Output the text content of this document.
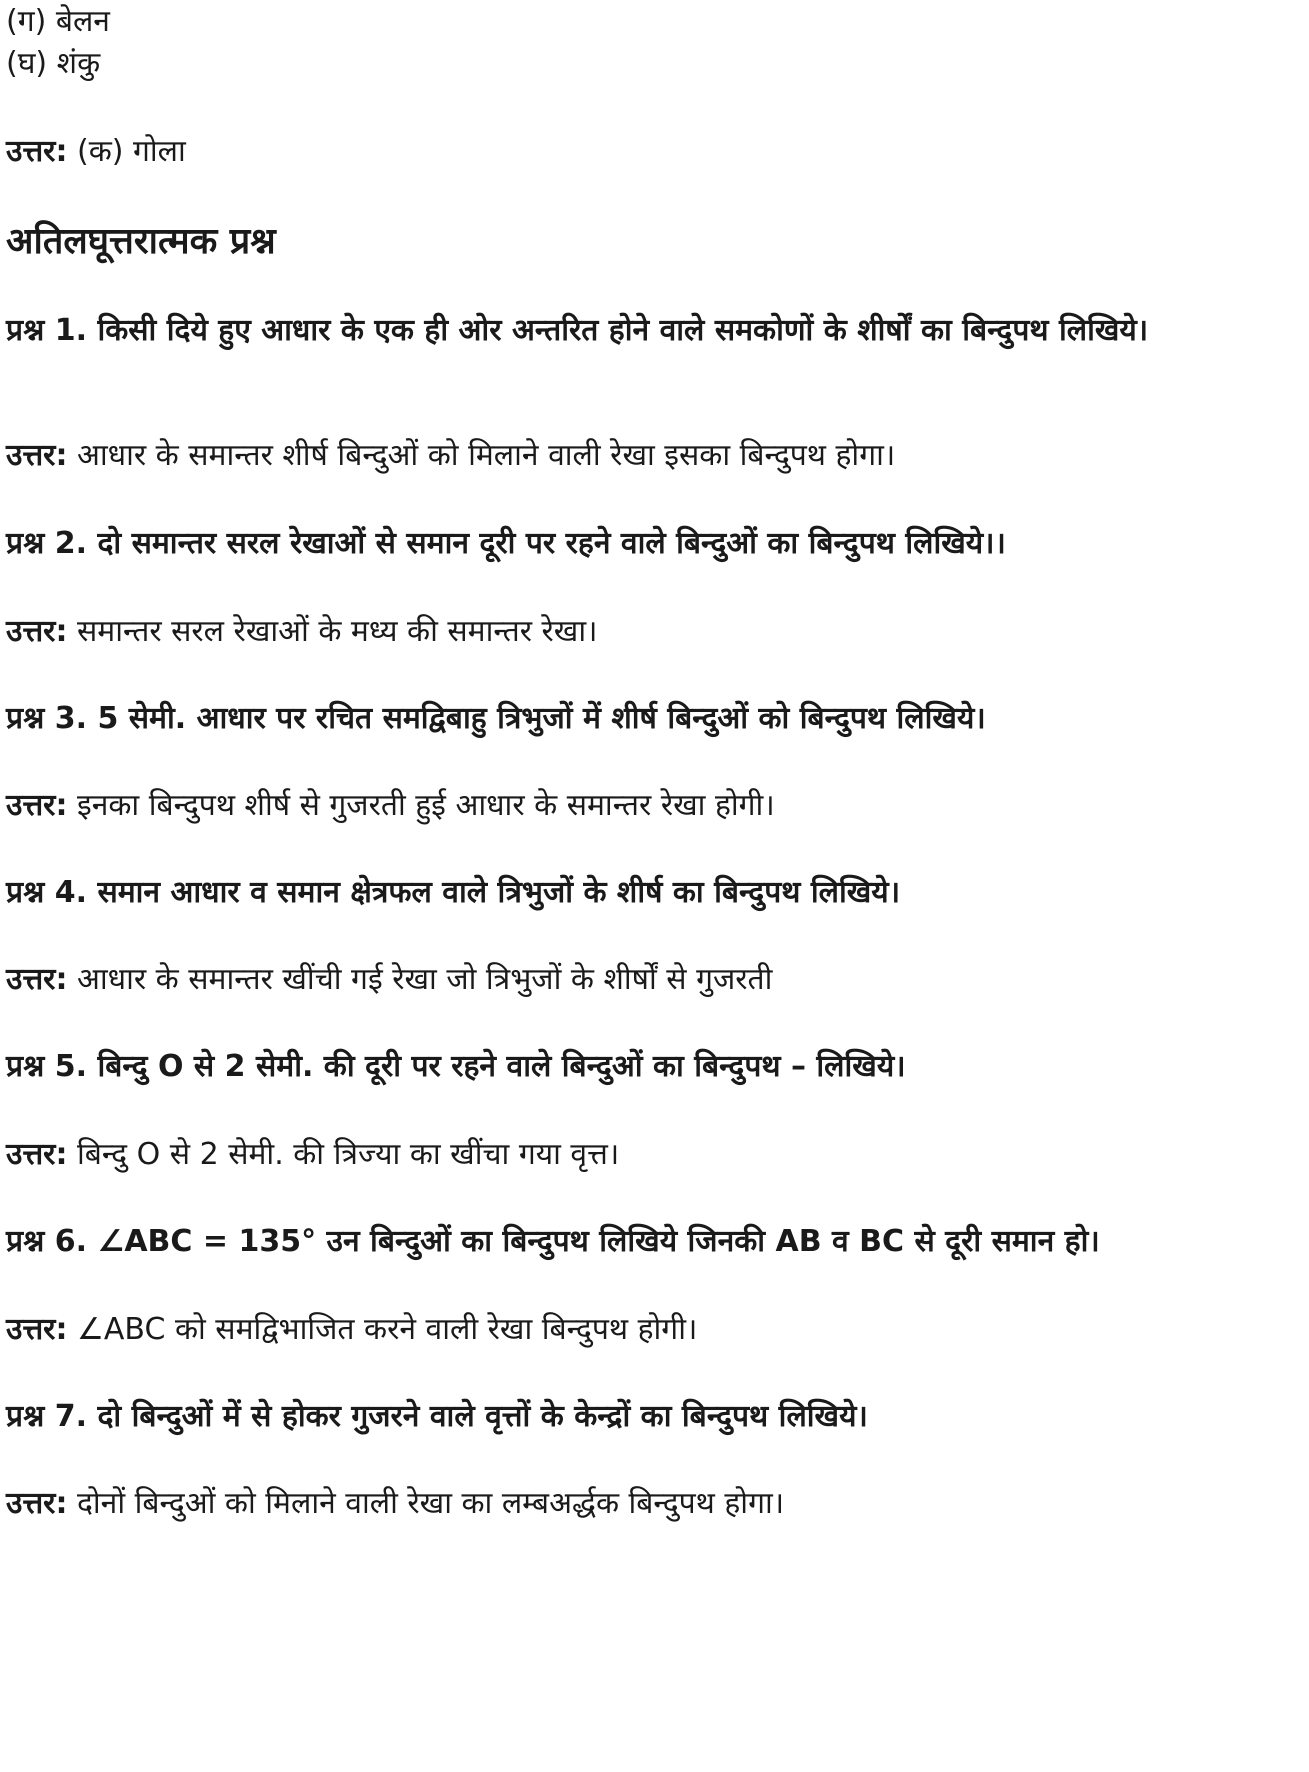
(ग) बेलन
(घ) शंकु
उत्तर: (क) गोला
अतिलघूत्तरात्मक प्रश्न
प्रश्न 1. किसी दिये हुए आधार के एक ही ओर अन्तरित होने वाले समकोणों के शीर्षों का बिन्दुपथ लिखिये।
उत्तर: आधार के समान्तर शीर्ष बिन्दुओं को मिलाने वाली रेखा इसका बिन्दुपथ होगा।
प्रश्न 2. दो समान्तर सरल रेखाओं से समान दूरी पर रहने वाले बिन्दुओं का बिन्दुपथ लिखिये।।
उत्तर: समान्तर सरल रेखाओं के मध्य की समान्तर रेखा।
प्रश्न 3. 5 सेमी. आधार पर रचित समद्विबाहु त्रिभुजों में शीर्ष बिन्दुओं को बिन्दुपथ लिखिये।
उत्तर: इनका बिन्दुपथ शीर्ष से गुजरती हुई आधार के समान्तर रेखा होगी।
प्रश्न 4. समान आधार व समान क्षेत्रफल वाले त्रिभुजों के शीर्ष का बिन्दुपथ लिखिये।
उत्तर: आधार के समान्तर खींची गई रेखा जो त्रिभुजों के शीर्षों से गुजरती
प्रश्न 5. बिन्दु O से 2 सेमी. की दूरी पर रहने वाले बिन्दुओं का बिन्दुपथ – लिखिये।
उत्तर: बिन्दु O से 2 सेमी. की त्रिज्या का खींचा गया वृत्त।
प्रश्न 6. ∠ABC = 135° उन बिन्दुओं का बिन्दुपथ लिखिये जिनकी AB व BC से दूरी समान हो।
उत्तर: ∠ABC को समद्विभाजित करने वाली रेखा बिन्दुपथ होगी।
प्रश्न 7. दो बिन्दुओं में से होकर गुजरने वाले वृत्तों के केन्द्रों का बिन्दुपथ लिखिये।
उत्तर: दोनों बिन्दुओं को मिलाने वाली रेखा का लम्बअर्द्धक बिन्दुपथ होगा।
